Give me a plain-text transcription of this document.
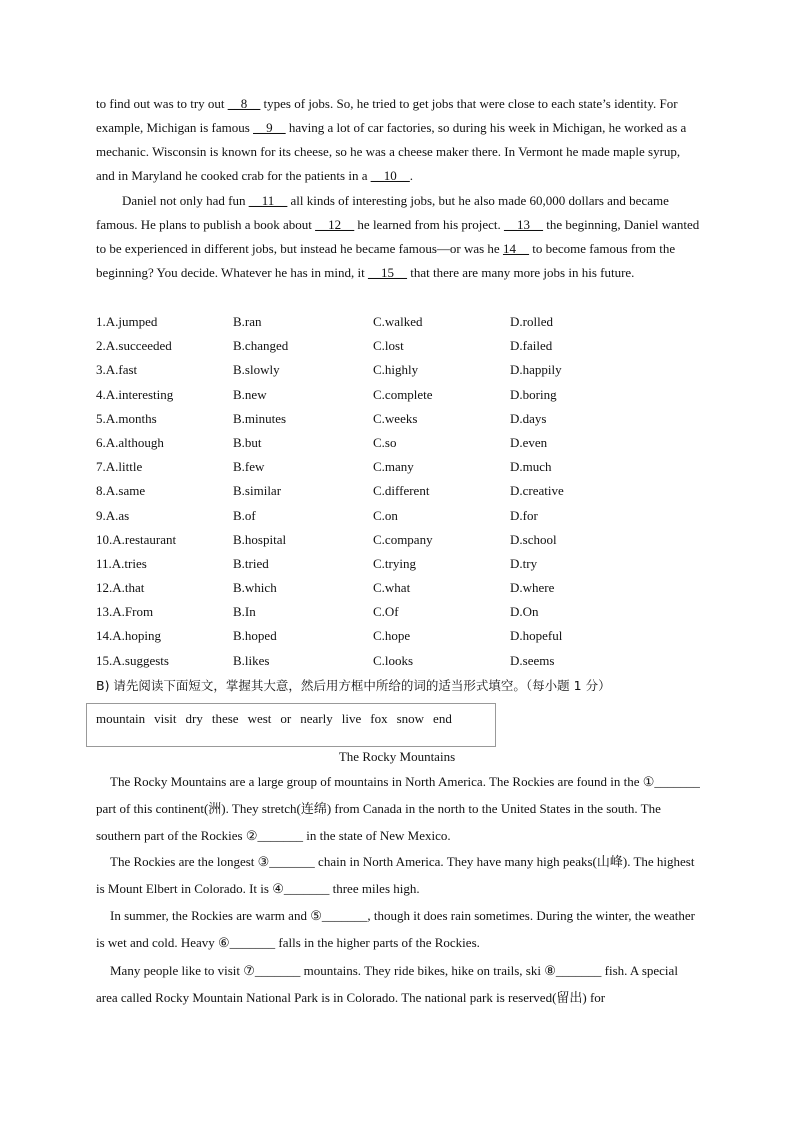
to find out was to try out __8__ types of jobs. So, he tried to get jobs that were close to each state’s identity. For example, Michigan is famous __9__ having a lot of car factories, so during his week in Michigan, he worked as a mechanic. Wisconsin is known for its cheese, so he was a cheese maker there. In Vermont he made maple syrup, and in Maryland he cooked crab for the patients in a __10__.

Daniel not only had fun __11__ all kinds of interesting jobs, but he also made 60,000 dollars and became famous. He plans to publish a book about __12__ he learned from his project. __13__ the beginning, Daniel wanted to be experienced in different jobs, but instead he became famous—or was he 14__ to become famous from the beginning? You decide. Whatever he has in mind, it __15__ that there are many more jobs in his future.

1.A.jumped	B.ran	C.walked	D.rolled
2.A.succeeded	B.changed	C.lost	D.failed
3.A.fast	B.slowly	C.highly	D.happily
4.A.interesting	B.new	C.complete	D.boring
5.A.months	B.minutes	C.weeks	D.days
6.A.although	B.but	C.so	D.even
7.A.little	B.few	C.many	D.much
8.A.same	B.similar	C.different	D.creative
9.A.as	B.of	C.on	D.for
10.A.restaurant	B.hospital	C.company	D.school
11.A.tries	B.tried	C.trying	D.try
12.A.that	B.which	C.what	D.where
13.A.From	B.In	C.Of	D.On
14.A.hoping	B.hoped	C.hope	D.hopeful
15.A.suggests	B.likes	C.looks	D.seems
B) 请先阅读下面短文，掌握其大意，然后用方框中所给的词的适当形式填空。（每小题 1 分）
mountain visit dry these west or nearly live fox snow end
The Rocky Mountains
The Rocky Mountains are a large group of mountains in North America. The Rockies are found in the ①_______ part of this continent(洲). They stretch(连绵) from Canada in the north to the United States in the south. The southern part of the Rockies ②_______ in the state of New Mexico.
The Rockies are the longest ③_______ chain in North America. They have many high peaks(山峰). The highest is Mount Elbert in Colorado. It is ④_______ three miles high.
In summer, the Rockies are warm and ⑤_______, though it does rain sometimes. During the winter, the weather is wet and cold. Heavy ⑥_______ falls in the higher parts of the Rockies.
Many people like to visit ⑦_______ mountains. They ride bikes, hike on trails, ski ⑧_______ fish. A special area called Rocky Mountain National Park is in Colorado. The national park is reserved(留出) for
